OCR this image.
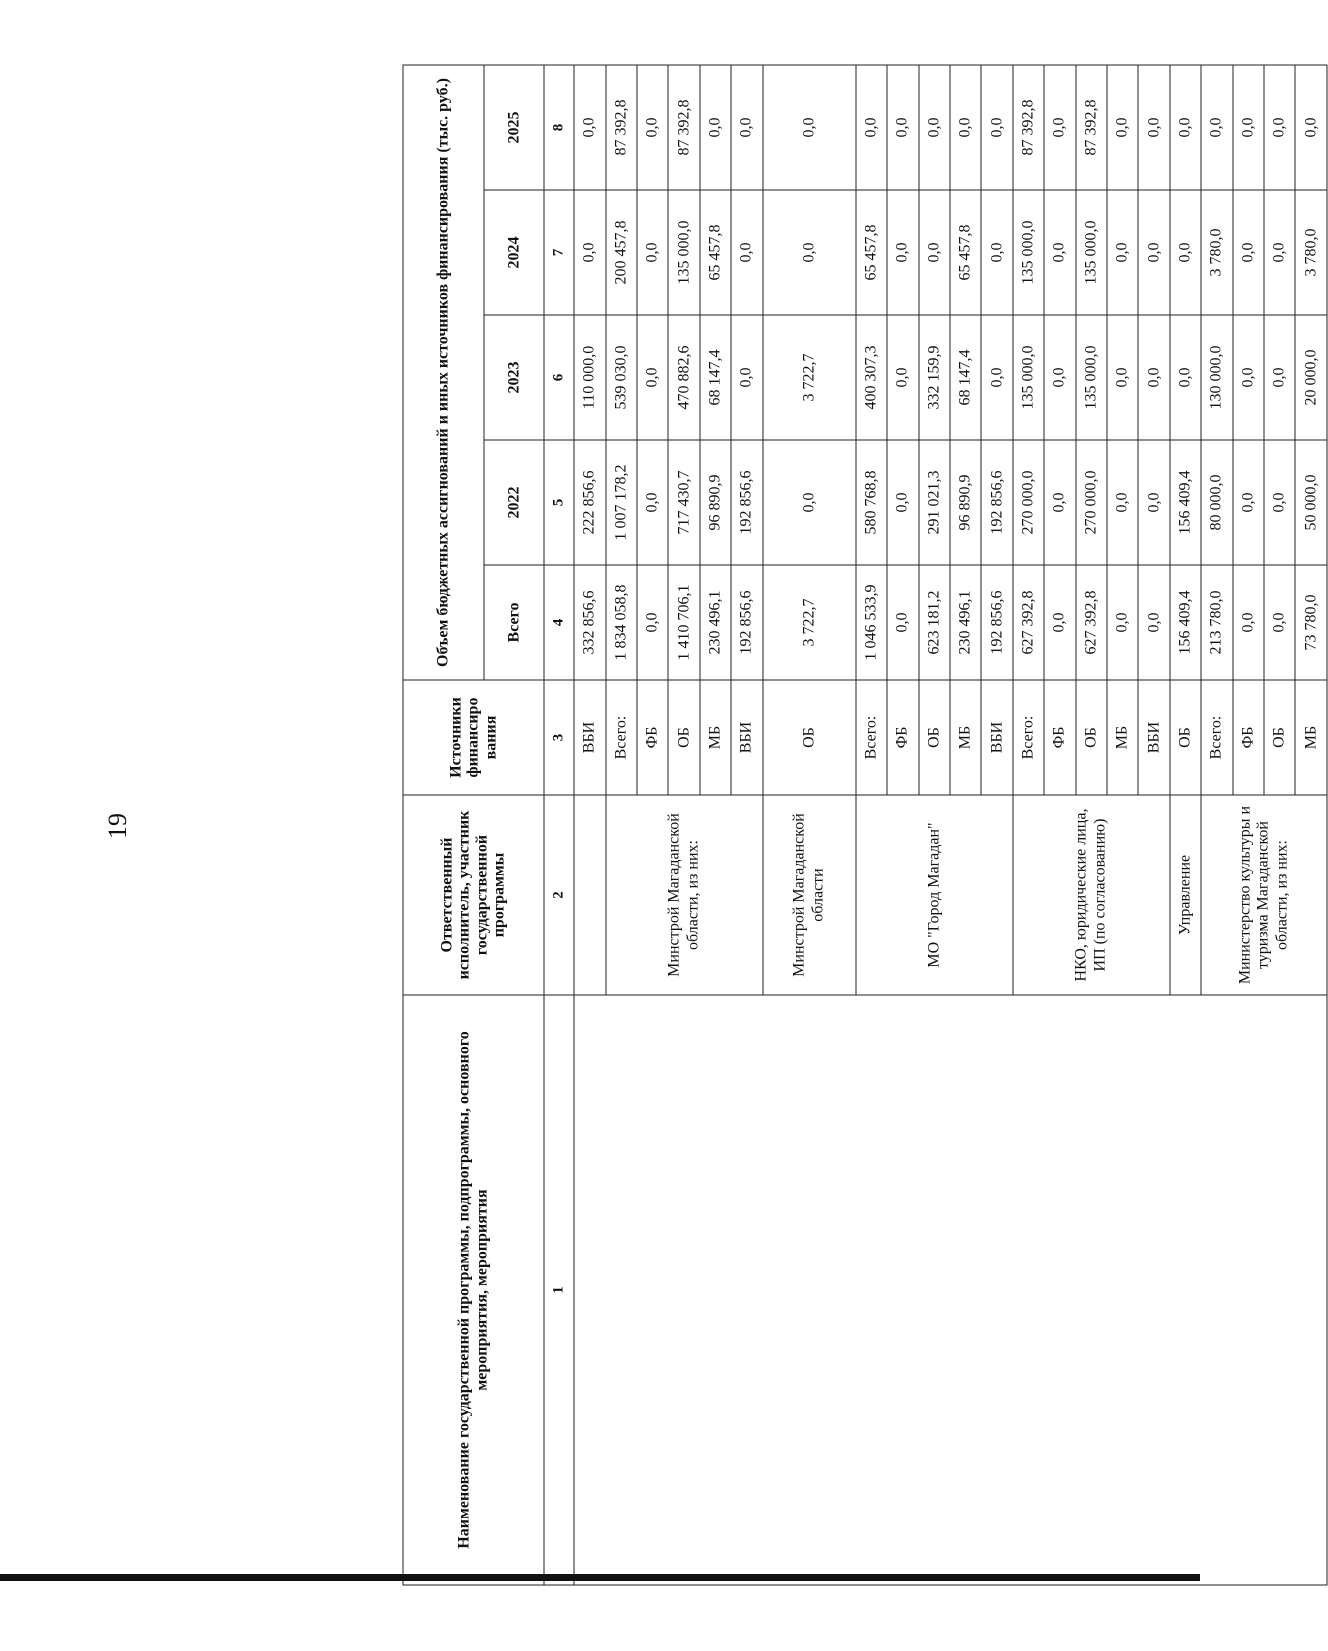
19
Наименование государственной программы, подпрограммы, основного мероприятия, мероприятия	Ответственный исполнитель, участник государственной программы	Источники финансиро вания	Объем бюджетных ассигнований и иных источников финансирования (тыс. руб.)				
			Всего	2022	2023	2024	2025
1	2	3	4	5	6	7	8
		ВБИ	332 856,6	222 856,6	110 000,0	0,0	0,0
	Минстрой Магаданской области, из них:	Всего:	1 834 058,8	1 007 178,2	539 030,0	200 457,8	87 392,8
		ФБ	0,0	0,0	0,0	0,0	0,0
		ОБ	1 410 706,1	717 430,7	470 882,6	135 000,0	87 392,8
		МБ	230 496,1	96 890,9	68 147,4	65 457,8	0,0
		ВБИ	192 856,6	192 856,6	0,0	0,0	0,0
	Минстрой Магаданской области	ОБ	3 722,7	0,0	3 722,7	0,0	0,0
	МО "Город Магадан"	Всего:	1 046 533,9	580 768,8	400 307,3	65 457,8	0,0
		ФБ	0,0	0,0	0,0	0,0	0,0
		ОБ	623 181,2	291 021,3	332 159,9	0,0	0,0
		МБ	230 496,1	96 890,9	68 147,4	65 457,8	0,0
		ВБИ	192 856,6	192 856,6	0,0	0,0	0,0
	НКО, юридические лица, ИП (по согласованию)	Всего:	627 392,8	270 000,0	135 000,0	135 000,0	87 392,8
		ФБ	0,0	0,0	0,0	0,0	0,0
		ОБ	627 392,8	270 000,0	135 000,0	135 000,0	87 392,8
		МБ	0,0	0,0	0,0	0,0	0,0
		ВБИ	0,0	0,0	0,0	0,0	0,0
	Управление	ОБ	156 409,4	156 409,4	0,0	0,0	0,0
	Министерство культуры и туризма Магаданской области, из них:	Всего:	213 780,0	80 000,0	130 000,0	3 780,0	0,0
		ФБ	0,0	0,0	0,0	0,0	0,0
		ОБ	0,0	0,0	0,0	0,0	0,0
		МБ	73 780,0	50 000,0	20 000,0	3 780,0	0,0
